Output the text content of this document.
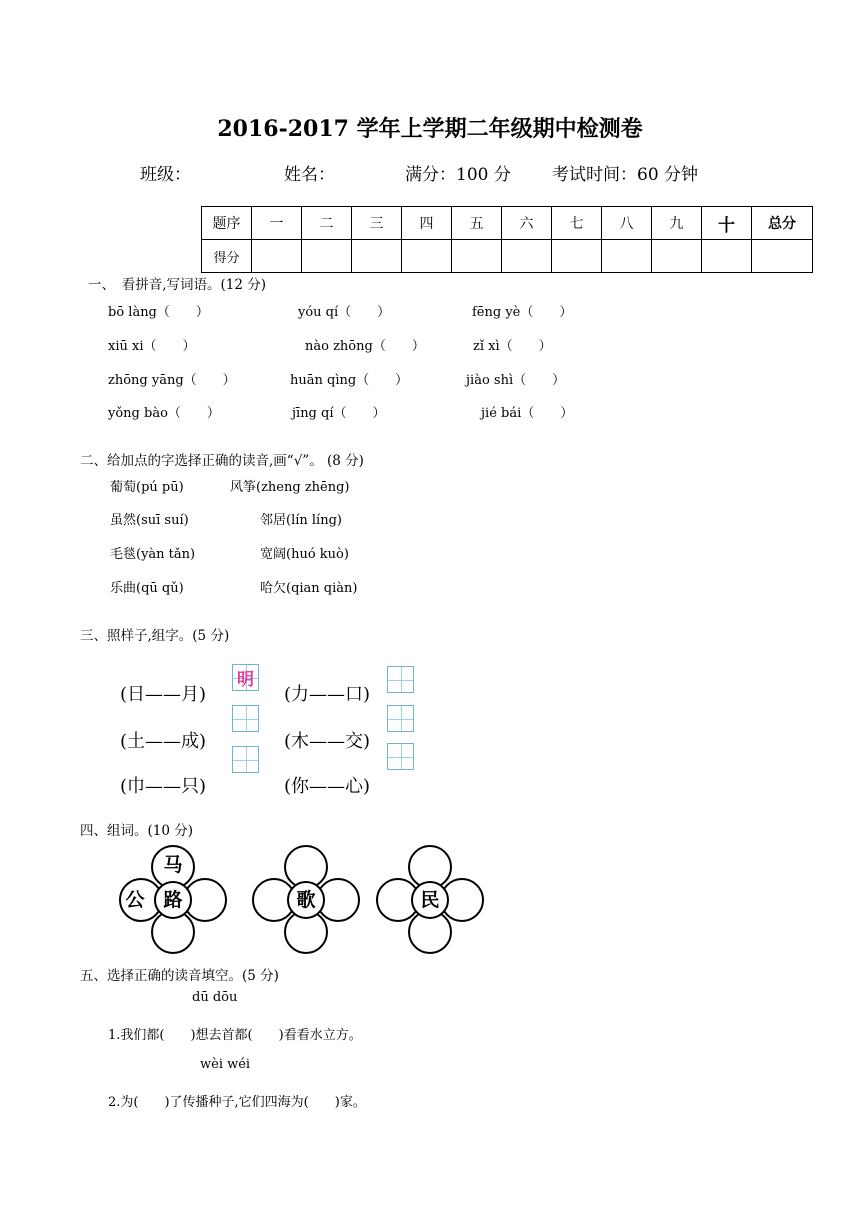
2016-2017 学年上学期二年级期中检测卷
班级：	姓名：	满分：100 分 考试时间：60 分钟
题序	一	二	三	四	五	六	七	八	九	十	总分
得分											
一、　看拼音,写词语。(12 分)
bō làng（　　）	yóu qí（　　）	fēng yè（　　）
xiū xi（　　）	nào zhōng（　　）	zǐ xì（　　）
zhōng yāng（　　）	huān qìng（　　）	jiào shì（　　）
yǒng bào（　　）	jīng qí（　　）	jié bái（　　）
二、给加点的字选择正确的读音,画“√”。 (8 分)
葡萄(pú pū)	风筝(zheng zhēng)
虽然(suī suí)	邻居(lín líng)
毛毯(yàn tǎn)	宽阔(huó kuò)
乐曲(qū qǔ)	哈欠(qian qiàn)
三、照样子,组字。(5 分)
(日——月)	(力——口)
(土——成)	(木——交)
(巾——只)	(你——心)
明
四、组词。(10 分)
路
马
公	歌	民
五、选择正确的读音填空。(5 分)
dū dōu
1.我们都(　　)想去首都(　　)看看水立方。
wèi wéi
2.为(　　)了传播种子,它们四海为(　　)家。
